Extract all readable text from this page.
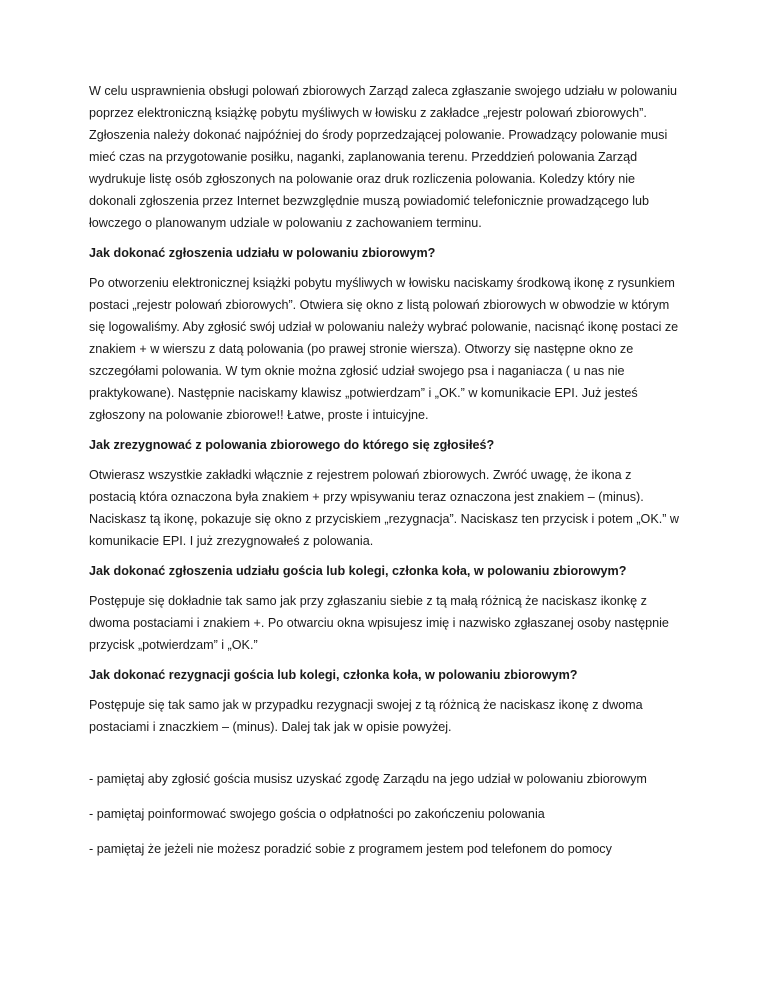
W celu usprawnienia obsługi polowań zbiorowych Zarząd zaleca zgłaszanie swojego udziału w polowaniu poprzez elektroniczną książkę pobytu myśliwych w łowisku z zakładce „rejestr polowań zbiorowych”. Zgłoszenia należy dokonać najpóźniej do środy poprzedzającej polowanie. Prowadzący polowanie musi mieć czas na przygotowanie posiłku, naganki, zaplanowania terenu. Przeddzień polowania Zarząd wydrukuje listę osób zgłoszonych na polowanie oraz druk rozliczenia polowania. Koledzy który nie dokonali zgłoszenia przez Internet bezwzględnie muszą powiadomić telefonicznie prowadzącego lub łowczego o planowanym udziale w polowaniu z zachowaniem terminu.

Jak dokonać zgłoszenia udziału w polowaniu zbiorowym?

Po otworzeniu elektronicznej książki pobytu myśliwych w łowisku naciskamy środkową ikonę z rysunkiem postaci „rejestr polowań zbiorowych”. Otwiera się okno z listą polowań zbiorowych w obwodzie w którym się logowaliśmy. Aby zgłosić swój udział w polowaniu należy wybrać polowanie, nacisnąć ikonę postaci ze znakiem + w wierszu z datą polowania (po prawej stronie wiersza). Otworzy się następne okno ze szczegółami polowania. W tym oknie można zgłosić udział swojego psa i naganiacza ( u nas nie praktykowane). Następnie naciskamy klawisz „potwierdzam” i „OK.” w komunikacie EPI. Już jesteś zgłoszony na polowanie zbiorowe!! Łatwe, proste i intuicyjne.

Jak zrezygnować z polowania zbiorowego do którego się zgłosiłeś?

Otwierasz wszystkie zakładki włącznie z rejestrem polowań zbiorowych. Zwróć uwagę, że ikona z postacią która oznaczona była znakiem + przy wpisywaniu teraz oznaczona jest znakiem – (minus). Naciskasz tą ikonę, pokazuje się okno z przyciskiem „rezygnacja”. Naciskasz ten przycisk i potem „OK.” w komunikacie EPI. I już zrezygnowałeś z polowania.

Jak dokonać zgłoszenia udziału gościa lub kolegi, członka koła, w polowaniu zbiorowym?

Postępuje się dokładnie tak samo jak przy zgłaszaniu siebie z tą małą różnicą że naciskasz ikonkę z dwoma postaciami i znakiem +. Po otwarciu okna wpisujesz imię i nazwisko zgłaszanej osoby następnie przycisk „potwierdzam” i „OK.”

Jak dokonać rezygnacji gościa lub kolegi, członka koła, w polowaniu zbiorowym?

Postępuje się tak samo jak w przypadku rezygnacji swojej z tą różnicą że naciskasz ikonę z dwoma postaciami i znaczkiem – (minus). Dalej tak jak w opisie powyżej.

- pamiętaj aby zgłosić gościa musisz uzyskać zgodę Zarządu na jego udział w polowaniu zbiorowym

- pamiętaj poinformować swojego gościa o odpłatności po zakończeniu polowania

- pamiętaj że jeżeli nie możesz poradzić sobie z programem jestem pod telefonem do pomocy
